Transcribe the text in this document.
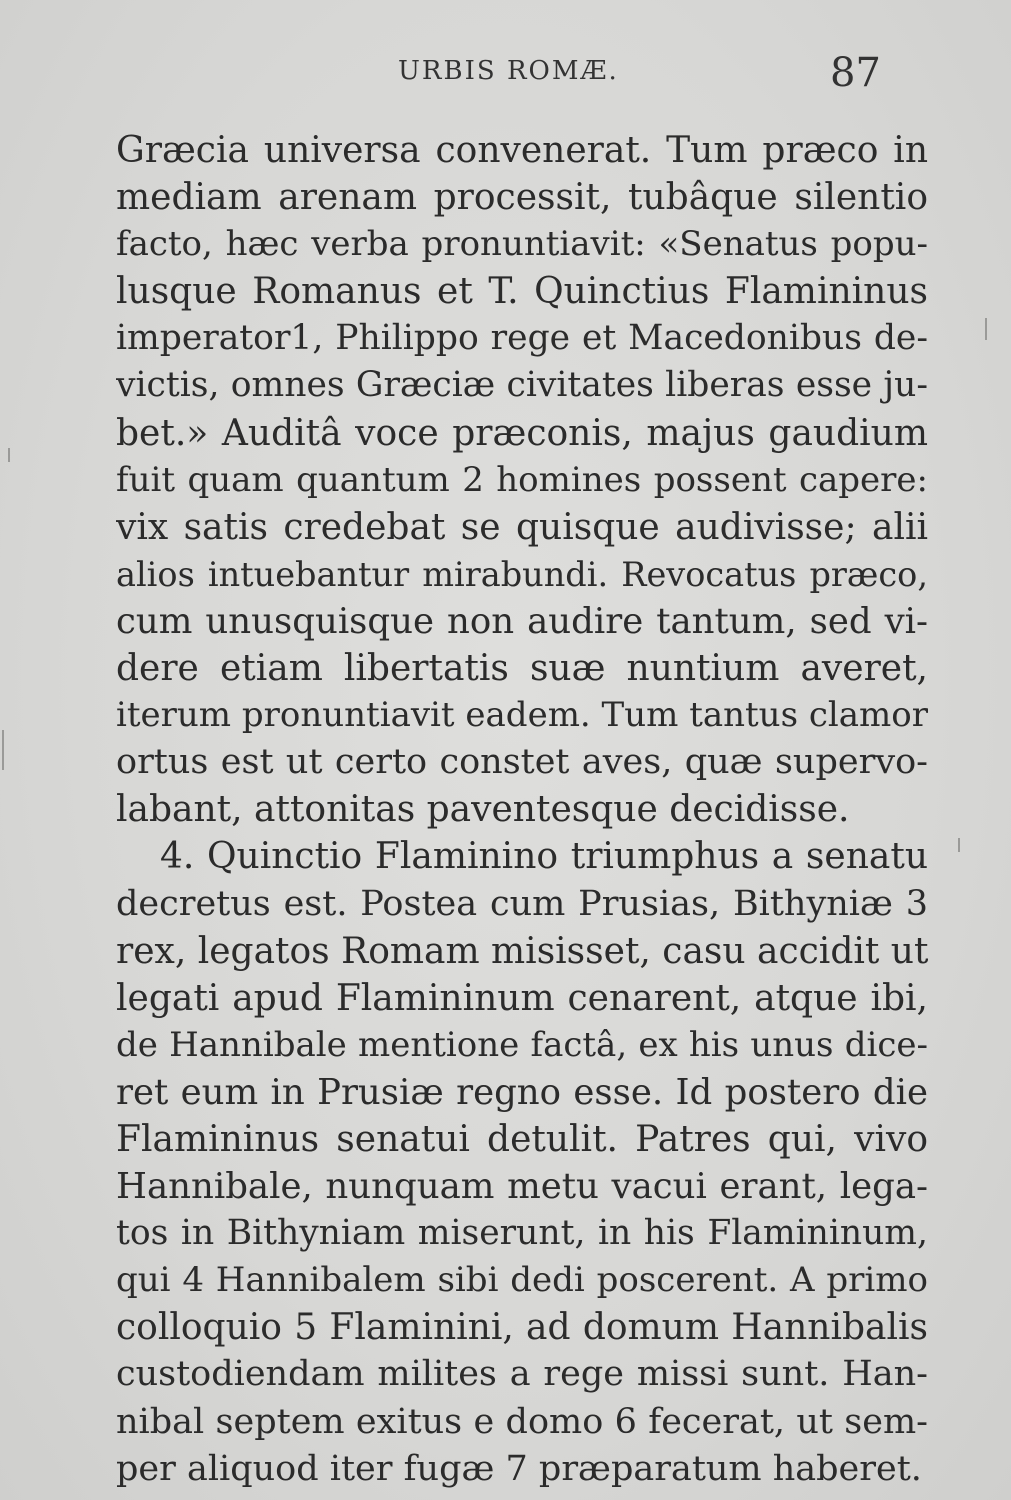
URBIS ROMÆ.	87
Græcia universa convenerat. Tum præco in
mediam arenam processit, tubâque silentio
facto, hæc verba pronuntiavit: «Senatus popu-
lusque Romanus et T. Quinctius Flamininus
imperator1, Philippo rege et Macedonibus de-
victis, omnes Græciæ civitates liberas esse ju-
bet.» Auditâ voce præconis, majus gaudium
fuit quam quantum 2 homines possent capere:
vix satis credebat se quisque audivisse; alii
alios intuebantur mirabundi. Revocatus præco,
cum unusquisque non audire tantum, sed vi-
dere etiam libertatis suæ nuntium averet,
iterum pronuntiavit eadem. Tum tantus clamor
ortus est ut certo constet aves, quæ supervo-
labant, attonitas paventesque decidisse.
4. Quinctio Flaminino triumphus a senatu
decretus est. Postea cum Prusias, Bithyniæ 3
rex, legatos Romam misisset, casu accidit ut
legati apud Flamininum cenarent, atque ibi,
de Hannibale mentione factâ, ex his unus dice-
ret eum in Prusiæ regno esse. Id postero die
Flamininus senatui detulit. Patres qui, vivo
Hannibale, nunquam metu vacui erant, lega-
tos in Bithyniam miserunt, in his Flamininum,
qui 4 Hannibalem sibi dedi poscerent. A primo
colloquio 5 Flaminini, ad domum Hannibalis
custodiendam milites a rege missi sunt. Han-
nibal septem exitus e domo 6 fecerat, ut sem-
per aliquod iter fugæ 7 præparatum haberet.
